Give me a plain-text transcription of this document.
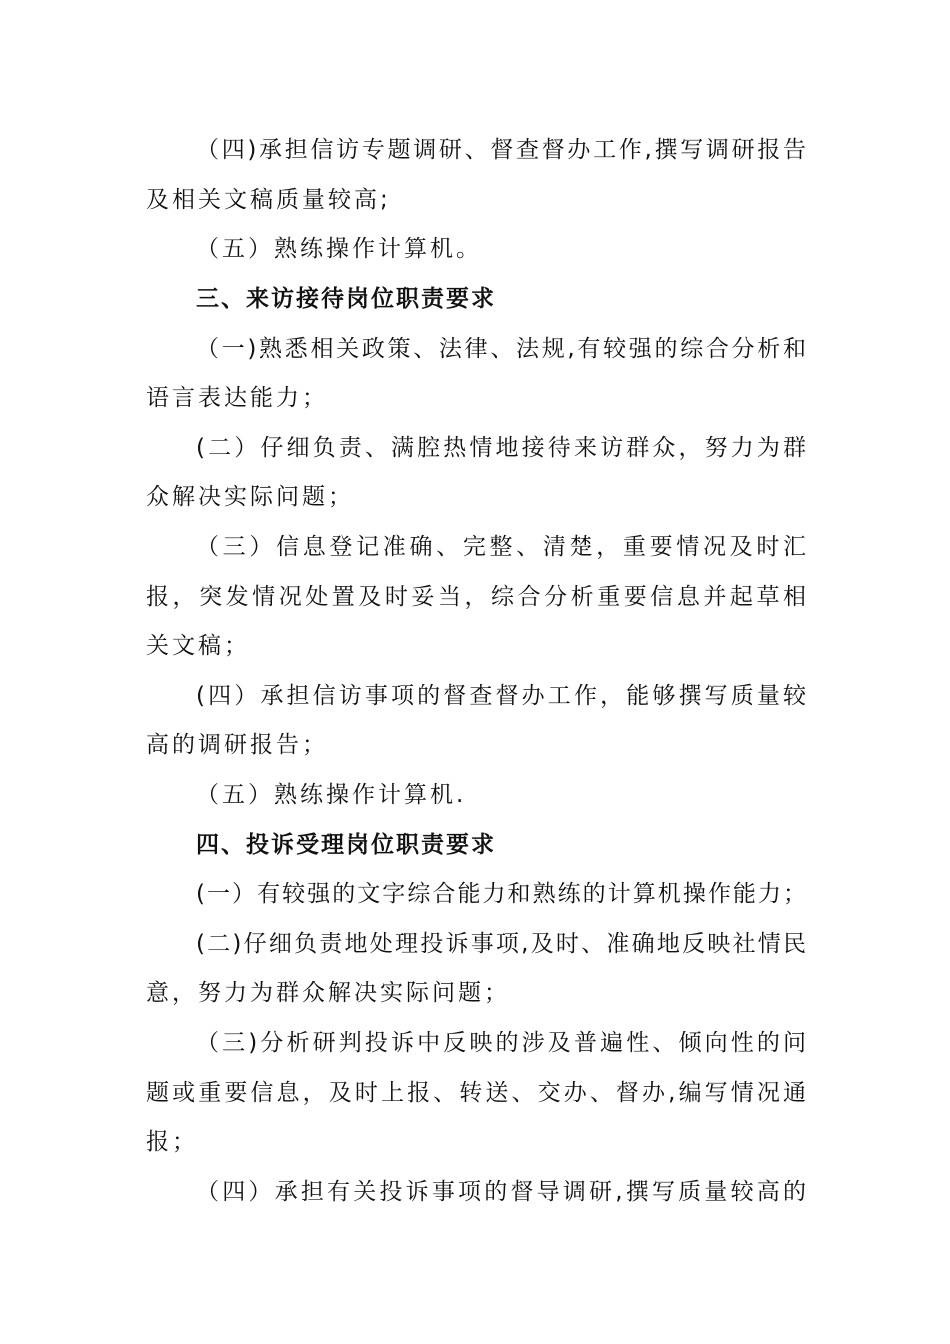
（四)承担信访专题调研、督查督办工作,撰写调研报告
及相关文稿质量较高;
（五）熟练操作计算机。
三、来访接待岗位职责要求
（一)熟悉相关政策、法律、法规,有较强的综合分析和
语言表达能力；
(二）仔细负责、满腔热情地接待来访群众，努力为群
众解决实际问题；
（三）信息登记准确、完整、清楚，重要情况及时汇
报，突发情况处置及时妥当，综合分析重要信息并起草相
关文稿；
(四）承担信访事项的督查督办工作，能够撰写质量较
高的调研报告；
（五）熟练操作计算机.
四、投诉受理岗位职责要求
(一）有较强的文字综合能力和熟练的计算机操作能力；
(二)仔细负责地处理投诉事项,及时、准确地反映社情民
意，努力为群众解决实际问题；
（三)分析研判投诉中反映的涉及普遍性、倾向性的问
题或重要信息，及时上报、转送、交办、督办,编写情况通
报；
（四）承担有关投诉事项的督导调研,撰写质量较高的
